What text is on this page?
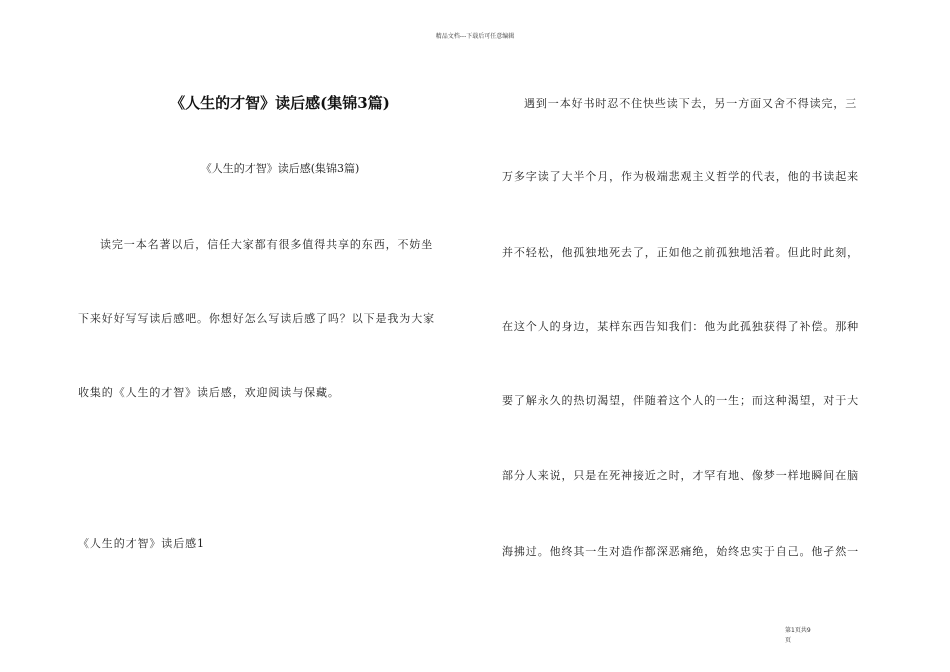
精品文档---下载后可任意编辑
《人生的才智》读后感(集锦3篇)
《人生的才智》读后感(集锦3篇)
读完一本名著以后，信任大家都有很多值得共享的东西，不妨坐
下来好好写写读后感吧。你想好怎么写读后感了吗？以下是我为大家
收集的《人生的才智》读后感，欢迎阅读与保藏。
《人生的才智》读后感1
遇到一本好书时忍不住快些读下去，另一方面又舍不得读完，三
万多字读了大半个月，作为极端悲观主义哲学的代表，他的书读起来
并不轻松，他孤独地死去了，正如他之前孤独地活着。但此时此刻，
在这个人的身边，某样东西告知我们：他为此孤独获得了补偿。那种
要了解永久的热切渴望，伴随着这个人的一生；而这种渴望，对于大
部分人来说，只是在死神接近之时，才罕有地、像梦一样地瞬间在脑
海拂过。他终其一生对造作都深恶痛绝，始终忠实于自己。他孑然一
第1页共9
页
